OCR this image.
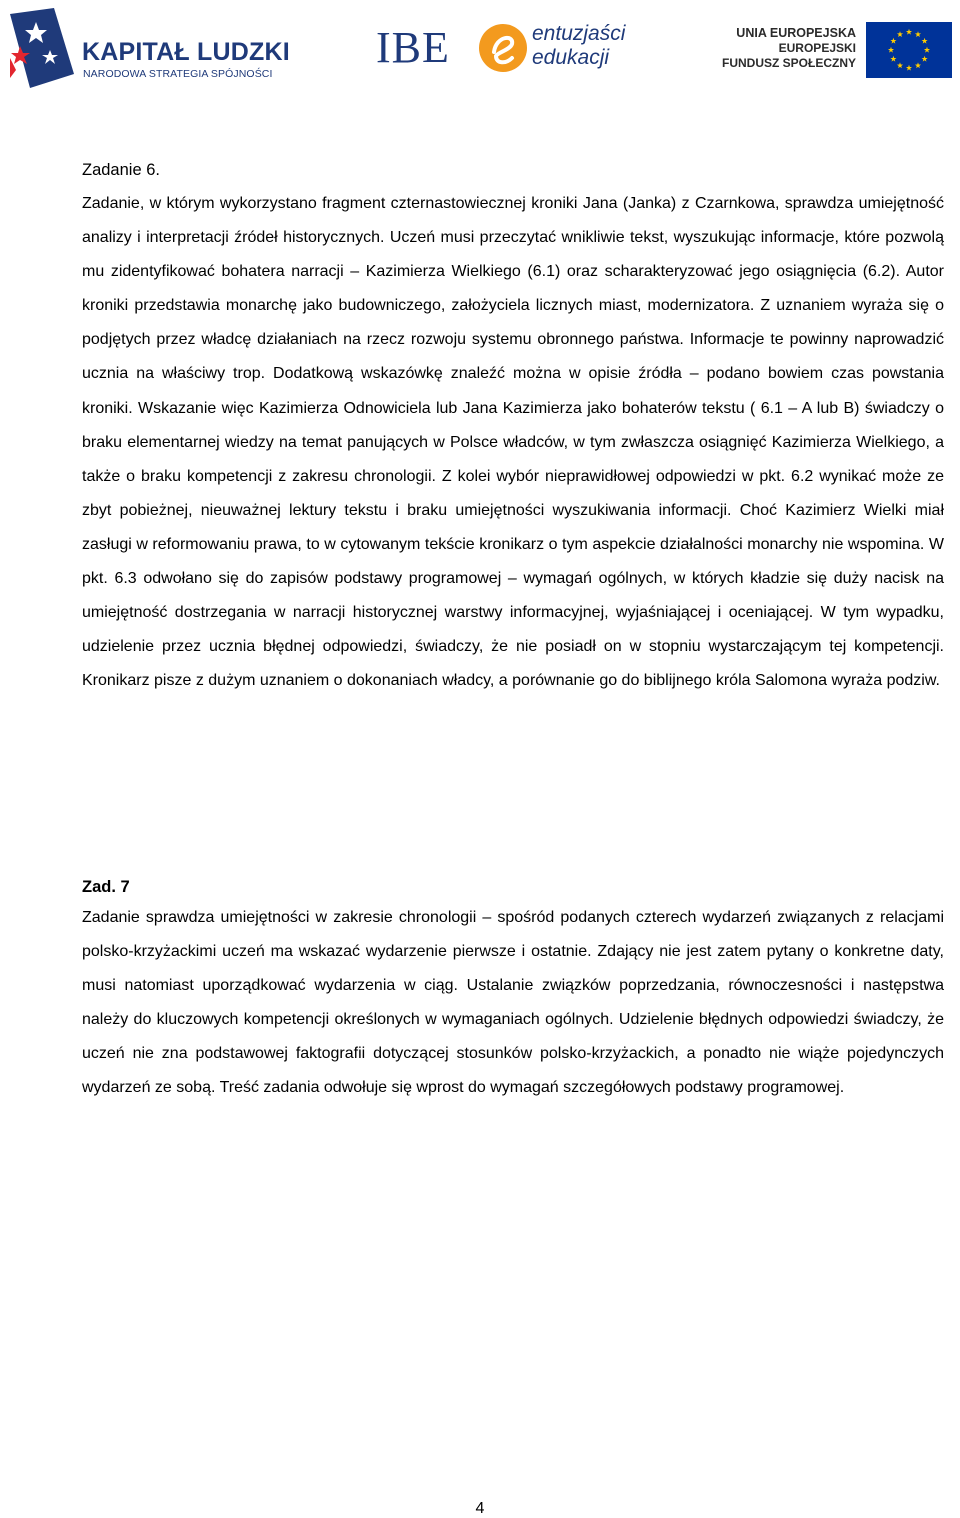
KAPITAŁ LUDZKI
NARODOWA STRATEGIA SPÓJNOŚCI
IBE	entuzjaści
edukacji
UNIA EUROPEJSKA
EUROPEJSKI
FUNDUSZ SPOŁECZNY

Zadanie 6.

Zadanie, w którym wykorzystano fragment czternastowiecznej kroniki Jana (Janka) z Czarnkowa, sprawdza umiejętność analizy i interpretacji źródeł historycznych. Uczeń musi przeczytać wnikliwie tekst, wyszukując informacje, które pozwolą mu zidentyfikować bohatera narracji – Kazimierza Wielkiego (6.1) oraz scharakteryzować jego osiągnięcia (6.2). Autor kroniki przedstawia monarchę jako budowniczego, założyciela licznych miast, modernizatora. Z uznaniem wyraża się o podjętych przez władcę działaniach na rzecz rozwoju systemu obronnego państwa. Informacje te powinny naprowadzić ucznia na właściwy trop. Dodatkową wskazówkę znaleźć można w opisie źródła – podano bowiem czas powstania kroniki. Wskazanie więc Kazimierza Odnowiciela lub Jana Kazimierza jako bohaterów tekstu ( 6.1 – A lub B) świadczy o braku elementarnej wiedzy na temat panujących w Polsce władców, w tym zwłaszcza osiągnięć Kazimierza Wielkiego, a także o braku kompetencji z zakresu chronologii. Z kolei wybór nieprawidłowej odpowiedzi w pkt. 6.2 wynikać może ze zbyt pobieżnej, nieuważnej lektury tekstu i braku umiejętności wyszukiwania informacji. Choć Kazimierz Wielki miał zasługi w reformowaniu prawa, to w cytowanym tekście kronikarz o tym aspekcie działalności monarchy nie wspomina. W pkt. 6.3 odwołano się do zapisów podstawy programowej – wymagań ogólnych, w których kładzie się duży nacisk na umiejętność dostrzegania w narracji historycznej warstwy informacyjnej, wyjaśniającej i oceniającej. W tym wypadku, udzielenie przez ucznia błędnej odpowiedzi, świadczy, że nie posiadł on w stopniu wystarczającym tej kompetencji. Kronikarz pisze z dużym uznaniem o dokonaniach władcy, a porównanie go do biblijnego króla Salomona wyraża podziw.

Zad. 7

Zadanie sprawdza umiejętności w zakresie chronologii – spośród podanych czterech wydarzeń związanych z relacjami polsko-krzyżackimi uczeń ma wskazać wydarzenie pierwsze i ostatnie. Zdający nie jest zatem pytany o konkretne daty, musi natomiast uporządkować wydarzenia w ciąg. Ustalanie związków poprzedzania, równoczesności i następstwa należy do kluczowych kompetencji określonych w wymaganiach ogólnych. Udzielenie błędnych odpowiedzi świadczy, że uczeń nie zna podstawowej faktografii dotyczącej stosunków polsko-krzyżackich, a ponadto nie wiąże pojedynczych wydarzeń ze sobą. Treść zadania odwołuje się wprost do wymagań szczegółowych podstawy programowej.

4
